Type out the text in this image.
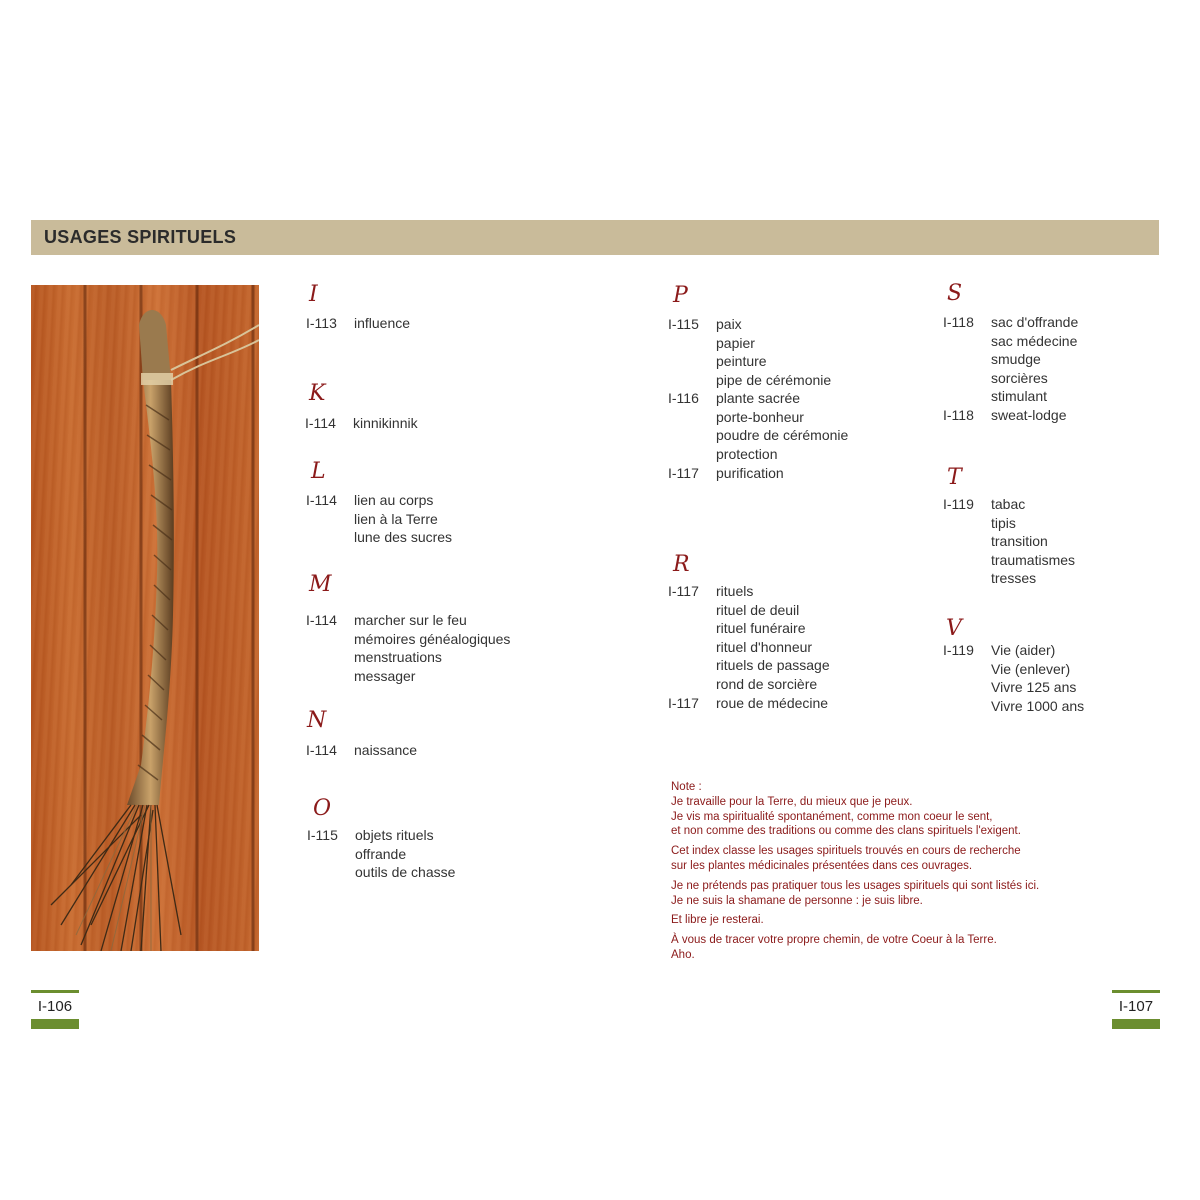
USAGES SPIRITUELS
I
I-113 influence
K
I-114 kinnikinnik
L
I-114 lien au corps
lien à la Terre
lune des sucres
M
I-114 marcher sur le feu
mémoires généalogiques
menstruations
messager
N
I-114 naissance
O
I-115 objets rituels
offrande
outils de chasse
P
I-115 paix
papier
peinture
pipe de cérémonie
I-116 plante sacrée
porte-bonheur
poudre de cérémonie
protection
I-117 purification
R
I-117 rituels
rituel de deuil
rituel funéraire
rituel d'honneur
rituels de passage
rond de sorcière
I-117 roue de médecine
S
I-118 sac d'offrande
sac médecine
smudge
sorcières
stimulant
I-118 sweat-lodge
T
I-119 tabac
tipis
transition
traumatismes
tresses
V
I-119 Vie (aider)
Vie (enlever)
Vivre 125 ans
Vivre 1000 ans

Note :
Je travaille pour la Terre, du mieux que je peux.
Je vis ma spiritualité spontanément, comme mon coeur le sent,
et non comme des traditions ou comme des clans spirituels l'exigent.

Cet index classe les usages spirituels trouvés en cours de recherche
sur les plantes médicinales présentées dans ces ouvrages.

Je ne prétends pas pratiquer tous les usages spirituels qui sont listés ici.
Je ne suis la shamane de personne : je suis libre.

Et libre je resterai.

À vous de tracer votre propre chemin, de votre Coeur à la Terre.
Aho.

I-106	I-107
